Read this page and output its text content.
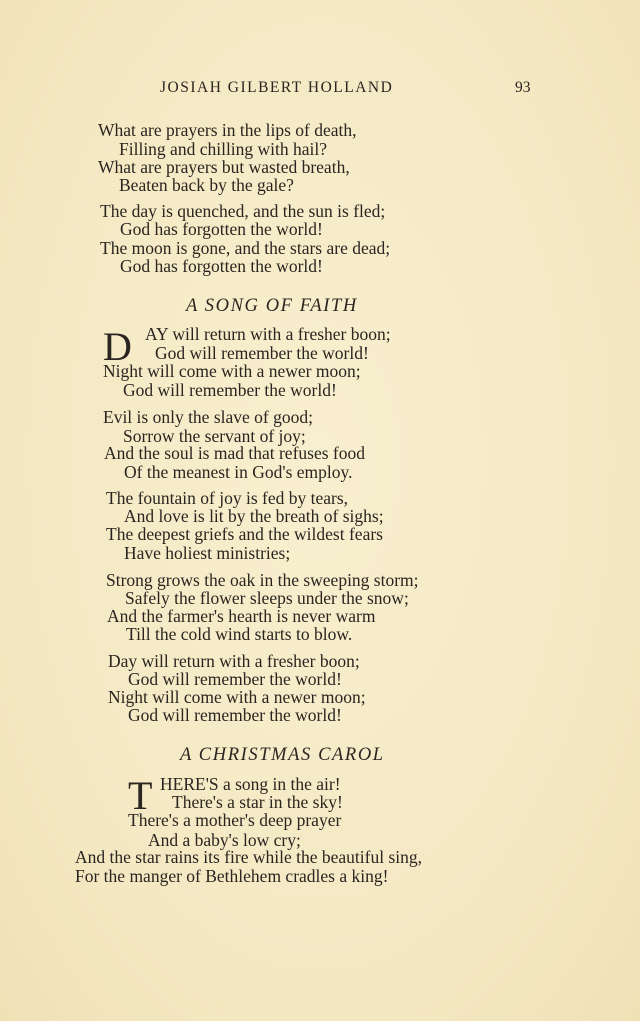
JOSIAH GILBERT HOLLAND	93
What are prayers in the lips of death,
Filling and chilling with hail?
What are prayers but wasted breath,
Beaten back by the gale?
The day is quenched, and the sun is fled;
God has forgotten the world!
The moon is gone, and the stars are dead;
God has forgotten the world!
A SONG OF FAITH
D AY will return with a fresher boon;
God will remember the world!
Night will come with a newer moon;
God will remember the world!
Evil is only the slave of good;
Sorrow the servant of joy;
And the soul is mad that refuses food
Of the meanest in God's employ.
The fountain of joy is fed by tears,
And love is lit by the breath of sighs;
The deepest griefs and the wildest fears
Have holiest ministries;
Strong grows the oak in the sweeping storm;
Safely the flower sleeps under the snow;
And the farmer's hearth is never warm
Till the cold wind starts to blow.
Day will return with a fresher boon;
God will remember the world!
Night will come with a newer moon;
God will remember the world!
A CHRISTMAS CAROL
T HERE'S a song in the air!
There's a star in the sky!
There's a mother's deep prayer
And a baby's low cry;
And the star rains its fire while the beautiful sing,
For the manger of Bethlehem cradles a king!
